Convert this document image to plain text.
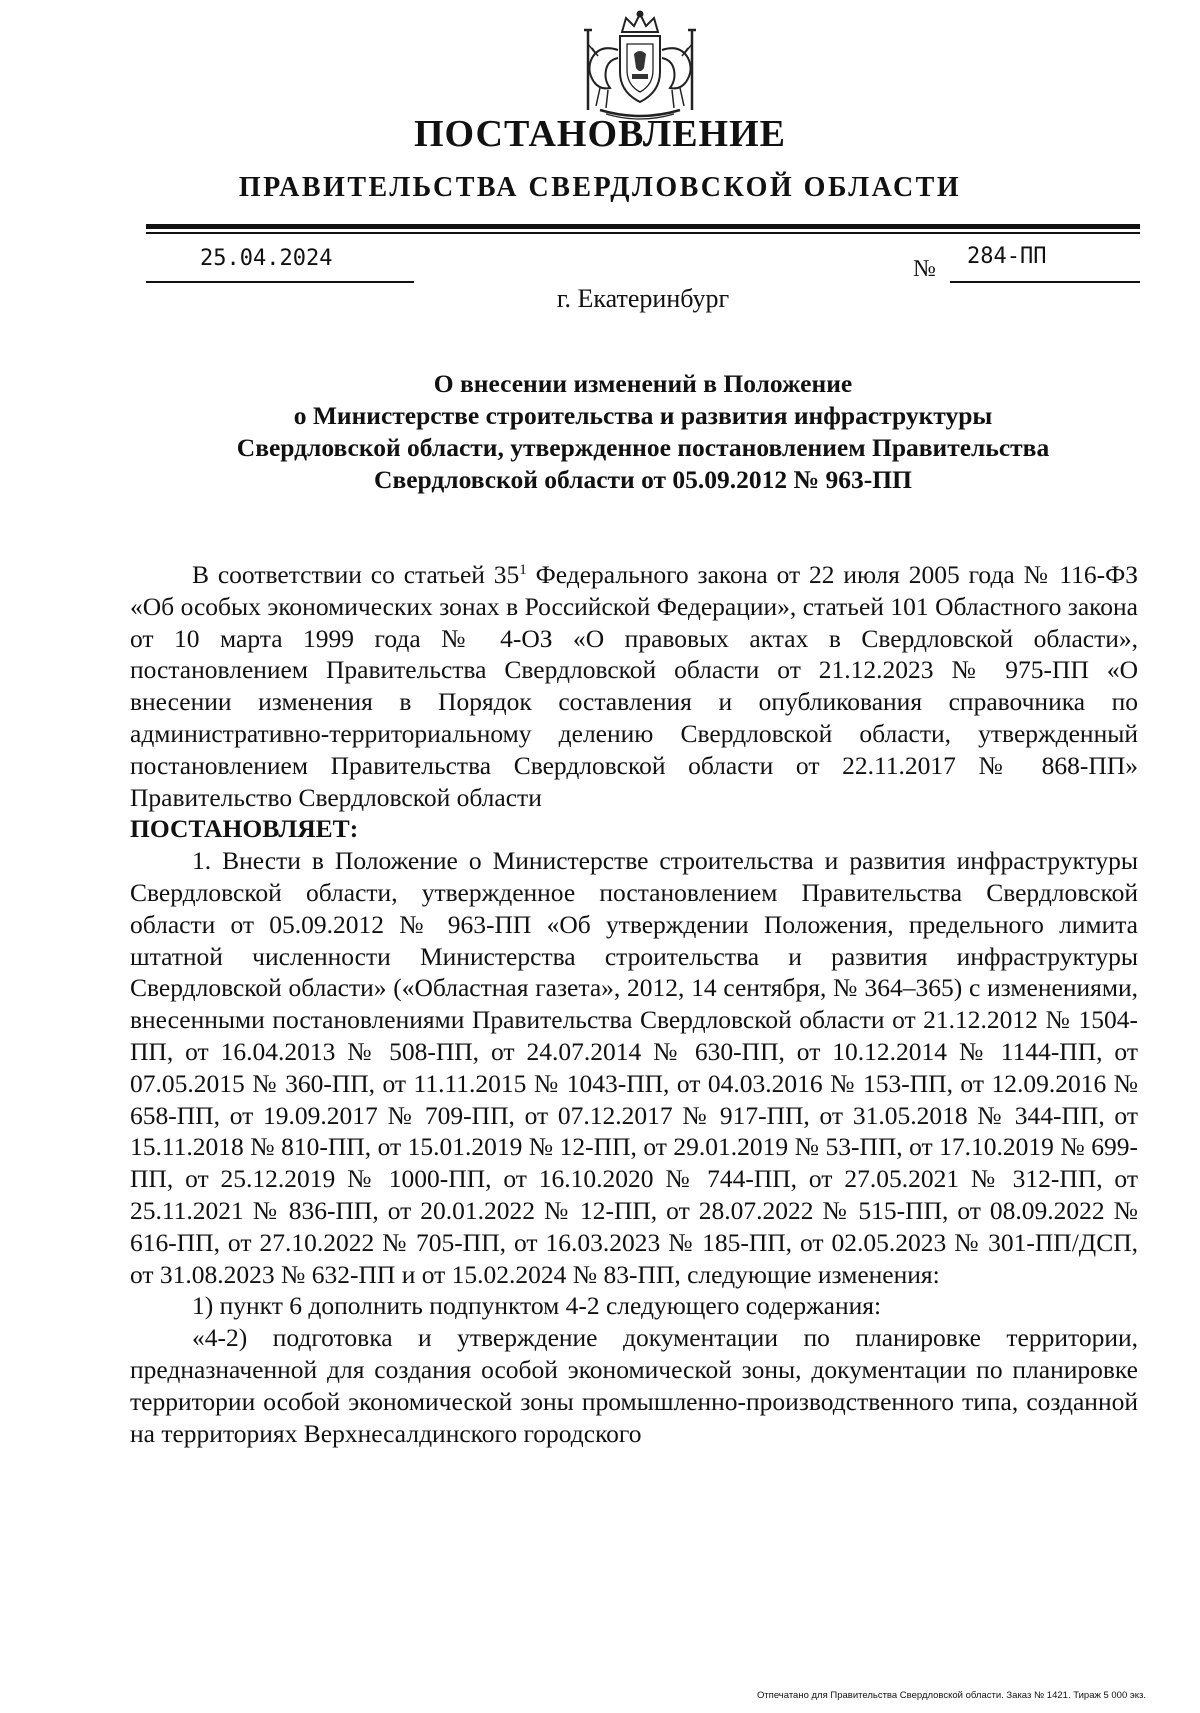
ПОСТАНОВЛЕНИЕ
ПРАВИТЕЛЬСТВА СВЕРДЛОВСКОЙ ОБЛАСТИ
25.04.2024	№ 284-ПП
г. Екатеринбург
О внесении изменений в Положение
о Министерстве строительства и развития инфраструктуры
Свердловской области, утвержденное постановлением Правительства
Свердловской области от 05.09.2012 № 963-ПП

В соответствии со статьей $35^1$ Федерального закона от 22 июля 2005 года № 116-ФЗ «Об особых экономических зонах в Российской Федерации», статьей 101 Областного закона от 10 марта 1999 года № 4-ОЗ «О правовых актах в Свердловской области», постановлением Правительства Свердловской области от 21.12.2023 № 975-ПП «О внесении изменения в Порядок составления и опубликования справочника по административно-территориальному делению Свердловской области, утвержденный постановлением Правительства Свердловской области от 22.11.2017 № 868-ПП» Правительство Свердловской области

ПОСТАНОВЛЯЕТ:

1. Внести в Положение о Министерстве строительства и развития инфраструктуры Свердловской области, утвержденное постановлением Правительства Свердловской области от 05.09.2012 № 963-ПП «Об утверждении Положения, предельного лимита штатной численности Министерства строительства и развития инфраструктуры Свердловской области» («Областная газета», 2012, 14 сентября, № 364–365) с изменениями, внесенными постановлениями Правительства Свердловской области от 21.12.2012 № 1504-ПП, от 16.04.2013 № 508-ПП, от 24.07.2014 № 630-ПП, от 10.12.2014 № 1144-ПП, от 07.05.2015 № 360-ПП, от 11.11.2015 № 1043-ПП, от 04.03.2016 № 153-ПП, от 12.09.2016 № 658-ПП, от 19.09.2017 № 709-ПП, от 07.12.2017 № 917-ПП, от 31.05.2018 № 344-ПП, от 15.11.2018 № 810-ПП, от 15.01.2019 № 12-ПП, от 29.01.2019 № 53-ПП, от 17.10.2019 № 699-ПП, от 25.12.2019 № 1000-ПП, от 16.10.2020 № 744-ПП, от 27.05.2021 № 312-ПП, от 25.11.2021 № 836-ПП, от 20.01.2022 № 12-ПП, от 28.07.2022 № 515-ПП, от 08.09.2022 № 616-ПП, от 27.10.2022 № 705-ПП, от 16.03.2023 № 185-ПП, от 02.05.2023 № 301-ПП/ДСП, от 31.08.2023 № 632-ПП и от 15.02.2024 № 83-ПП, следующие изменения:

1) пункт 6 дополнить подпунктом 4-2 следующего содержания:

«4-2) подготовка и утверждение документации по планировке территории, предназначенной для создания особой экономической зоны, документации по планировке территории особой экономической зоны промышленно-производственного типа, созданной на территориях Верхнесалдинского городского

Отпечатано для Правительства Свердловской области. Заказ № 1421. Тираж 5 000 экз.
